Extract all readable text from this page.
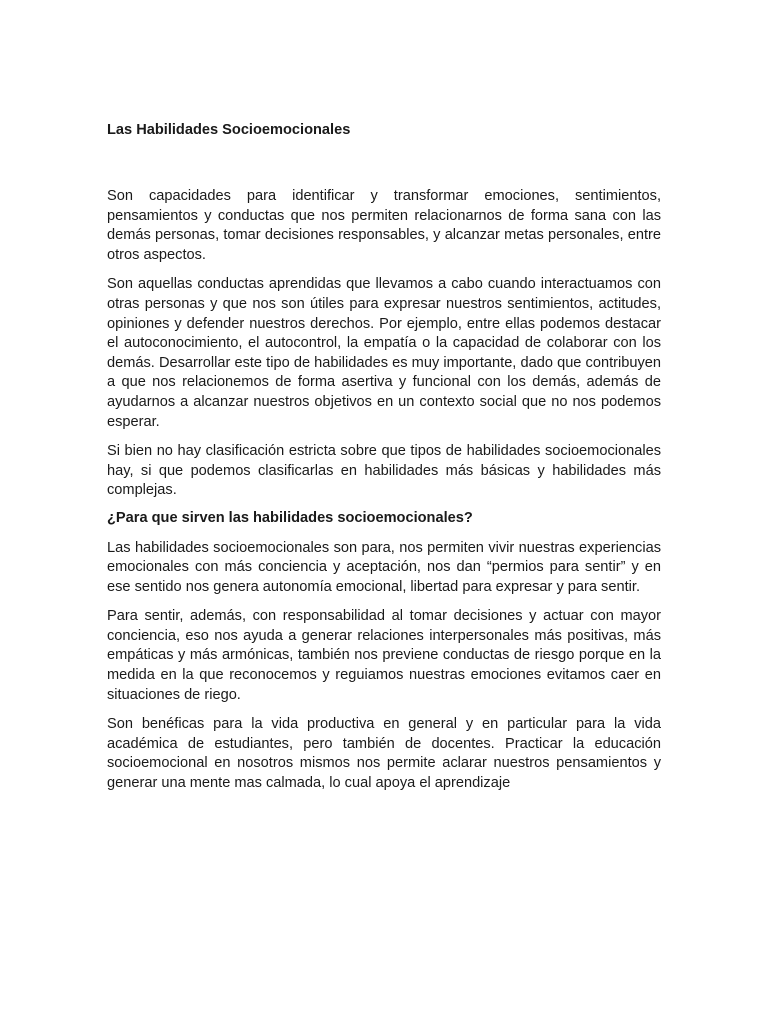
Las Habilidades Socioemocionales

Son capacidades para identificar y transformar emociones, sentimientos, pensamientos y conductas que nos permiten relacionarnos de forma sana con las demás personas, tomar decisiones responsables, y alcanzar metas personales, entre otros aspectos.

Son aquellas conductas aprendidas que llevamos a cabo cuando interactuamos con otras personas y que nos son útiles para expresar nuestros sentimientos, actitudes, opiniones y defender nuestros derechos. Por ejemplo, entre ellas podemos destacar el autoconocimiento, el autocontrol, la empatía o la capacidad de colaborar con los demás. Desarrollar este tipo de habilidades es muy importante, dado que contribuyen a que nos relacionemos de forma asertiva y funcional con los demás, además de ayudarnos a alcanzar nuestros objetivos en un contexto social que no nos podemos esperar.

Si bien no hay clasificación estricta sobre que tipos de habilidades socioemocionales hay, si que podemos clasificarlas en habilidades más básicas y habilidades más complejas.

¿Para que sirven las habilidades socioemocionales?

Las habilidades socioemocionales son para, nos permiten vivir nuestras experiencias emocionales con más conciencia y aceptación, nos dan “permios para sentir” y en ese sentido nos genera autonomía emocional, libertad para expresar y para sentir.

Para sentir, además, con responsabilidad al tomar decisiones y actuar con mayor conciencia, eso nos ayuda a generar relaciones interpersonales más positivas, más empáticas y más armónicas, también nos previene conductas de riesgo porque en la medida en la que reconocemos y reguiamos nuestras emociones evitamos caer en situaciones de riego.

Son benéficas para la vida productiva en general y en particular para la vida académica de estudiantes, pero también de docentes. Practicar la educación socioemocional en nosotros mismos nos permite aclarar nuestros pensamientos y generar una mente mas calmada, lo cual apoya el aprendizaje
